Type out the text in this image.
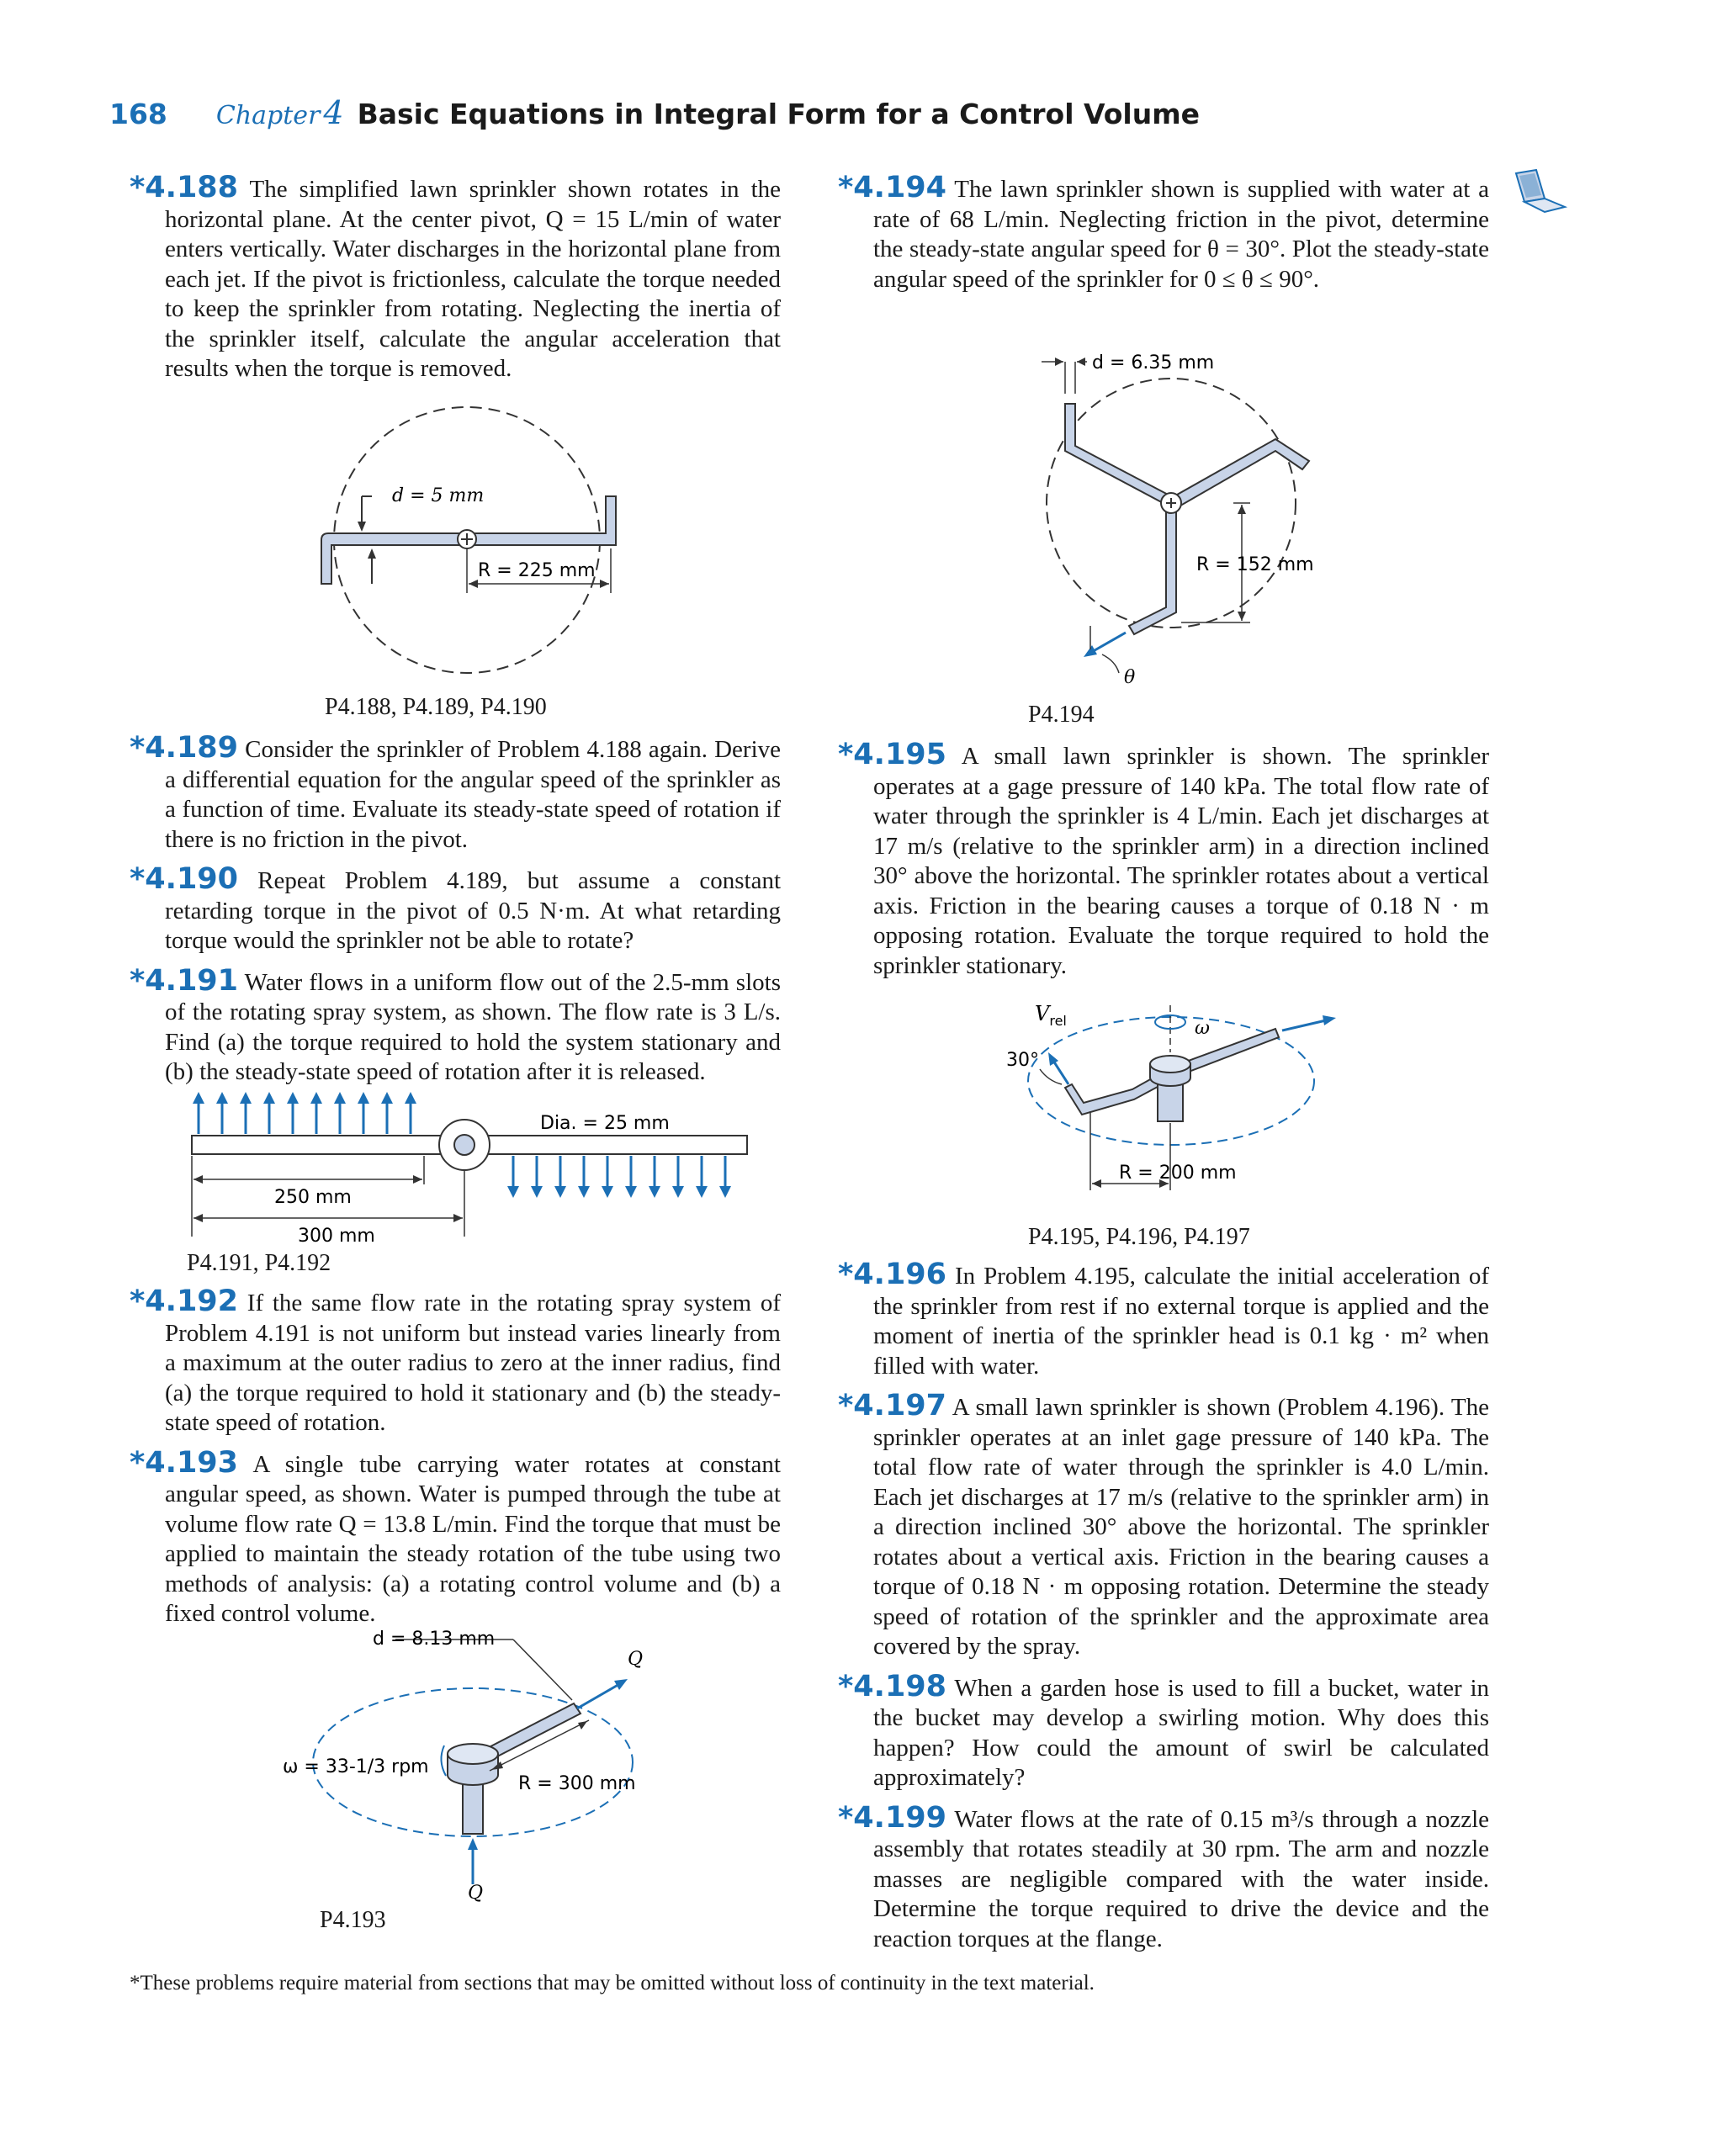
168 Chapter 4 Basic Equations in Integral Form for a Control Volume

*4.188 The simplified lawn sprinkler shown rotates in the horizontal plane. At the center pivot, Q = 15 L/min of water enters vertically. Water discharges in the horizontal plane from each jet. If the pivot is frictionless, calculate the torque needed to keep the sprinkler from rotating. Neglecting the inertia of the sprinkler itself, calculate the angular acceleration that results when the torque is removed.

d = 5 mm
R = 225 mm
P4.188, P4.189, P4.190

*4.189 Consider the sprinkler of Problem 4.188 again. Derive a differential equation for the angular speed of the sprinkler as a function of time. Evaluate its steady-state speed of rotation if there is no friction in the pivot.

*4.190 Repeat Problem 4.189, but assume a constant retarding torque in the pivot of 0.5 N·m. At what retarding torque would the sprinkler not be able to rotate?

*4.191 Water flows in a uniform flow out of the 2.5-mm slots of the rotating spray system, as shown. The flow rate is 3 L/s. Find (a) the torque required to hold the system stationary and (b) the steady-state speed of rotation after it is released.

Dia. = 25 mm
250 mm
300 mm
P4.191, P4.192

*4.192 If the same flow rate in the rotating spray system of Problem 4.191 is not uniform but instead varies linearly from a maximum at the outer radius to zero at the inner radius, find (a) the torque required to hold it stationary and (b) the steady-state speed of rotation.

*4.193 A single tube carrying water rotates at constant angular speed, as shown. Water is pumped through the tube at volume flow rate Q = 13.8 L/min. Find the torque that must be applied to maintain the steady rotation of the tube using two methods of analysis: (a) a rotating control volume and (b) a fixed control volume.

d = 8.13 mm
ω = 33-1/3 rpm
R = 300 mm
Q
Q
P4.193

*4.194 The lawn sprinkler shown is supplied with water at a rate of 68 L/min. Neglecting friction in the pivot, determine the steady-state angular speed for θ = 30°. Plot the steady-state angular speed of the sprinkler for 0 ≤ θ ≤ 90°.

d = 6.35 mm
R = 152 mm
θ
P4.194

*4.195 A small lawn sprinkler is shown. The sprinkler operates at a gage pressure of 140 kPa. The total flow rate of water through the sprinkler is 4 L/min. Each jet discharges at 17 m/s (relative to the sprinkler arm) in a direction inclined 30° above the horizontal. The sprinkler rotates about a vertical axis. Friction in the bearing causes a torque of 0.18 N · m opposing rotation. Evaluate the torque required to hold the sprinkler stationary.

$V_{rel}$
30°
ω
R = 200 mm
P4.195, P4.196, P4.197

*4.196 In Problem 4.195, calculate the initial acceleration of the sprinkler from rest if no external torque is applied and the moment of inertia of the sprinkler head is 0.1 kg · m² when filled with water.

*4.197 A small lawn sprinkler is shown (Problem 4.196). The sprinkler operates at an inlet gage pressure of 140 kPa. The total flow rate of water through the sprinkler is 4.0 L/min. Each jet discharges at 17 m/s (relative to the sprinkler arm) in a direction inclined 30° above the horizontal. The sprinkler rotates about a vertical axis. Friction in the bearing causes a torque of 0.18 N · m opposing rotation. Determine the steady speed of rotation of the sprinkler and the approximate area covered by the spray.

*4.198 When a garden hose is used to fill a bucket, water in the bucket may develop a swirling motion. Why does this happen? How could the amount of swirl be calculated approximately?

*4.199 Water flows at the rate of 0.15 m³/s through a nozzle assembly that rotates steadily at 30 rpm. The arm and nozzle masses are negligible compared with the water inside. Determine the torque required to drive the device and the reaction torques at the flange.

*These problems require material from sections that may be omitted without loss of continuity in the text material.
